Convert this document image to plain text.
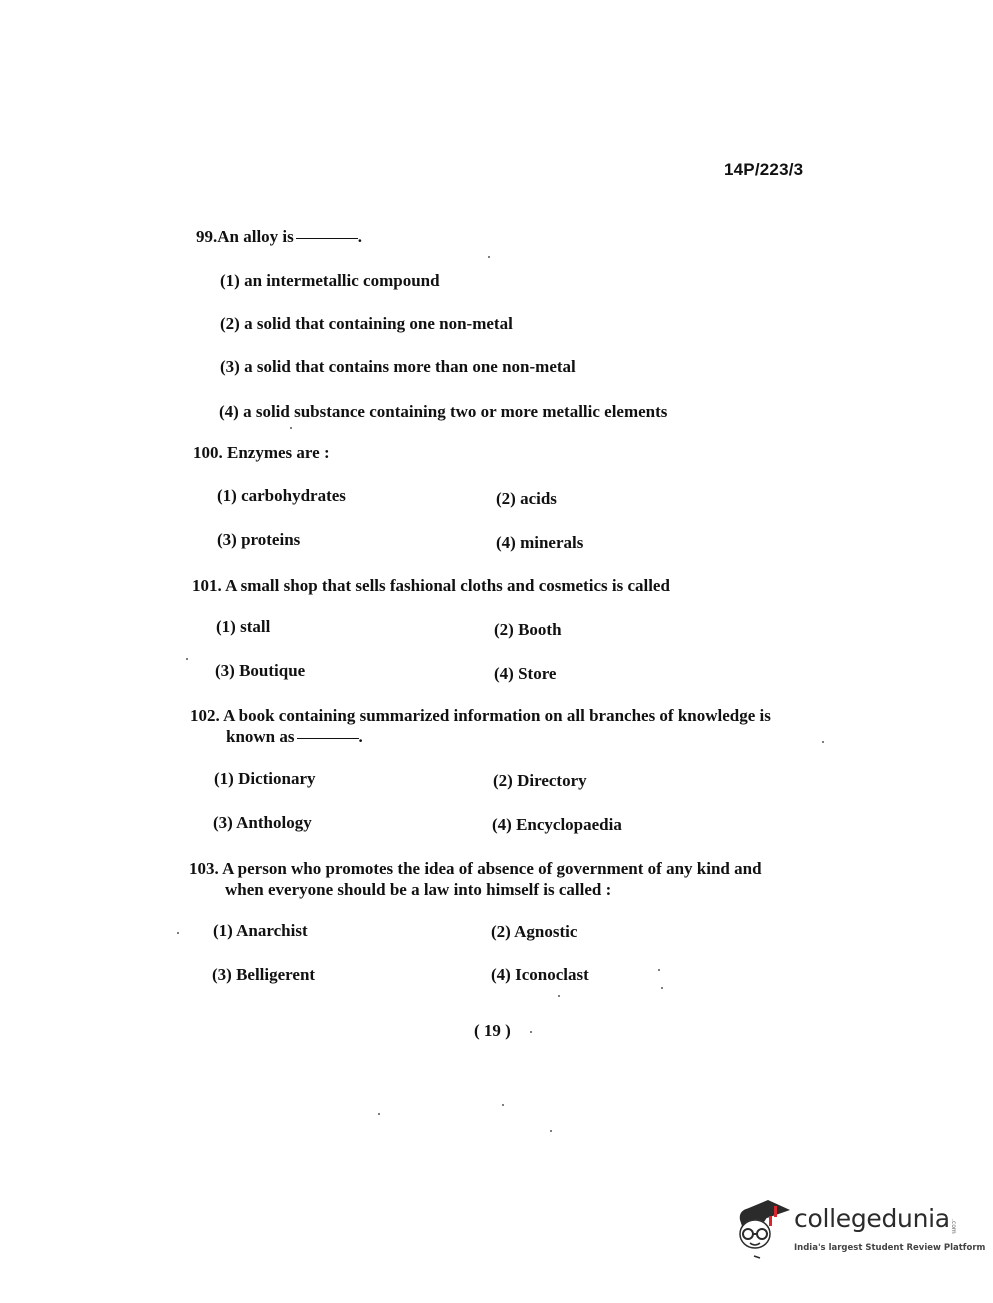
14P/223/3
99.An alloy is	.
(1) an intermetallic compound
(2) a solid that containing one non-metal
(3) a solid that contains more than one non-metal
(4) a solid substance containing two or more metallic elements
100. Enzymes are :
(1) carbohydrates	(2) acids
(3) proteins	(4) minerals
101. A small shop that sells fashional cloths and cosmetics is called
(1) stall	(2) Booth
(3) Boutique	(4) Store
102. A book containing summarized information on all branches of knowledge is
known as	.
(1) Dictionary	(2) Directory
(3) Anthology	(4) Encyclopaedia
103. A person who promotes the idea of absence of government of any kind and
when everyone should be a law into himself is called :
(1) Anarchist	(2) Agnostic
(3) Belligerent	(4) Iconoclast
( 19 )
collegedunia .com
India's largest Student Review Platform
